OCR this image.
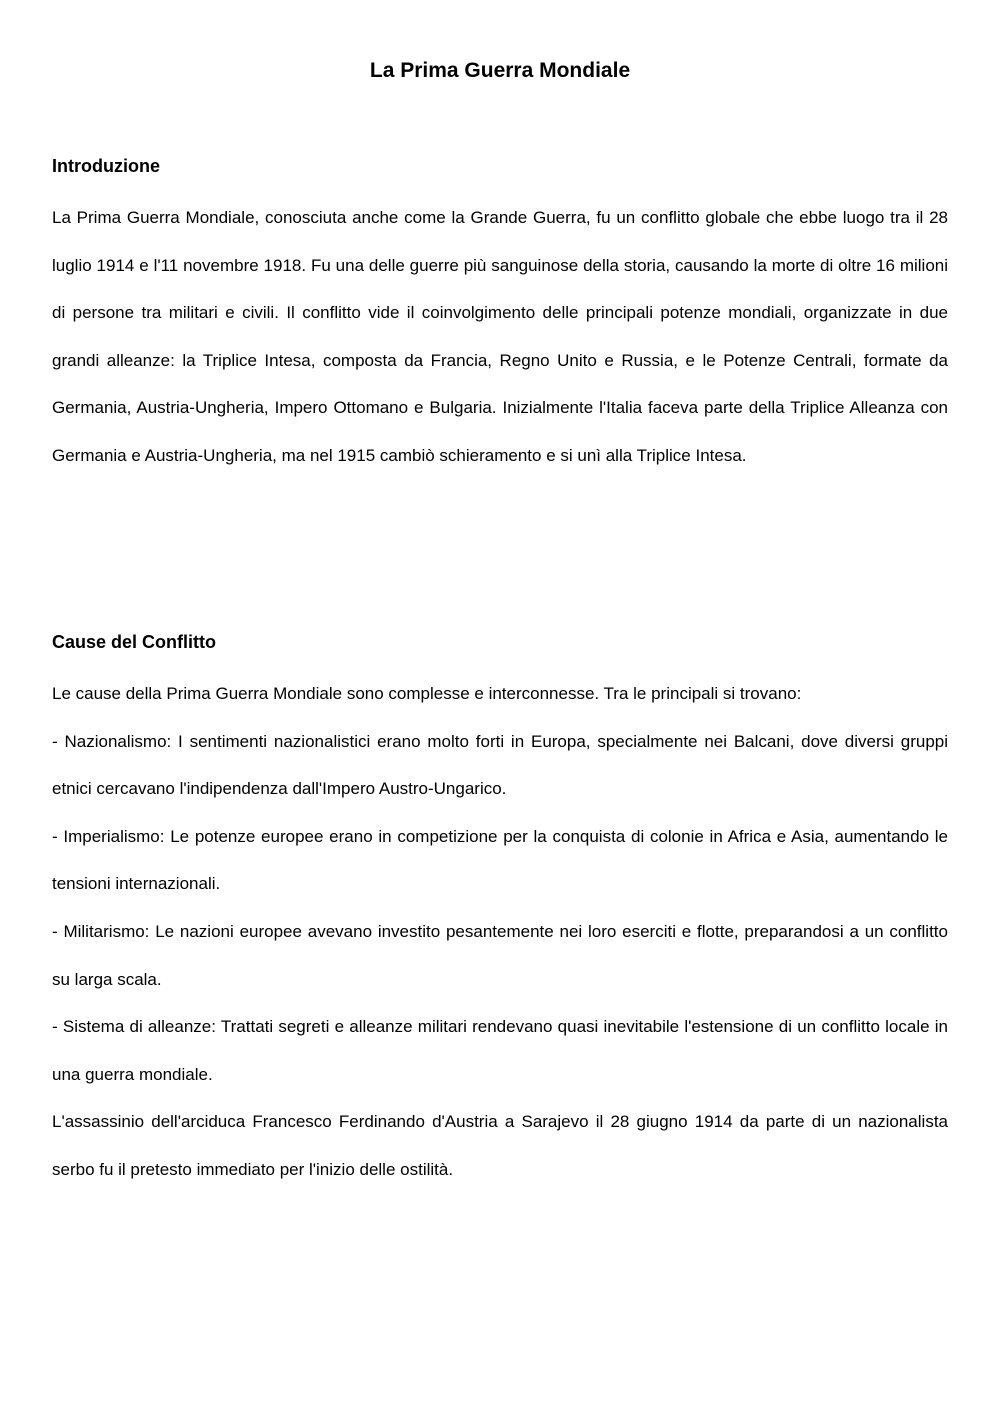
La Prima Guerra Mondiale
Introduzione

La Prima Guerra Mondiale, conosciuta anche come la Grande Guerra, fu un conflitto globale che ebbe luogo tra il 28 luglio 1914 e l'11 novembre 1918. Fu una delle guerre più sanguinose della storia, causando la morte di oltre 16 milioni di persone tra militari e civili. Il conflitto vide il coinvolgimento delle principali potenze mondiali, organizzate in due grandi alleanze: la Triplice Intesa, composta da Francia, Regno Unito e Russia, e le Potenze Centrali, formate da Germania, Austria-Ungheria, Impero Ottomano e Bulgaria. Inizialmente l'Italia faceva parte della Triplice Alleanza con Germania e Austria-Ungheria, ma nel 1915 cambiò schieramento e si unì alla Triplice Intesa.

Cause del Conflitto

Le cause della Prima Guerra Mondiale sono complesse e interconnesse. Tra le principali si trovano:

- Nazionalismo: I sentimenti nazionalistici erano molto forti in Europa, specialmente nei Balcani, dove diversi gruppi etnici cercavano l'indipendenza dall'Impero Austro-Ungarico.

- Imperialismo: Le potenze europee erano in competizione per la conquista di colonie in Africa e Asia, aumentando le tensioni internazionali.

- Militarismo: Le nazioni europee avevano investito pesantemente nei loro eserciti e flotte, preparandosi a un conflitto su larga scala.

- Sistema di alleanze: Trattati segreti e alleanze militari rendevano quasi inevitabile l'estensione di un conflitto locale in una guerra mondiale.

L'assassinio dell'arciduca Francesco Ferdinando d'Austria a Sarajevo il 28 giugno 1914 da parte di un nazionalista serbo fu il pretesto immediato per l'inizio delle ostilità.
